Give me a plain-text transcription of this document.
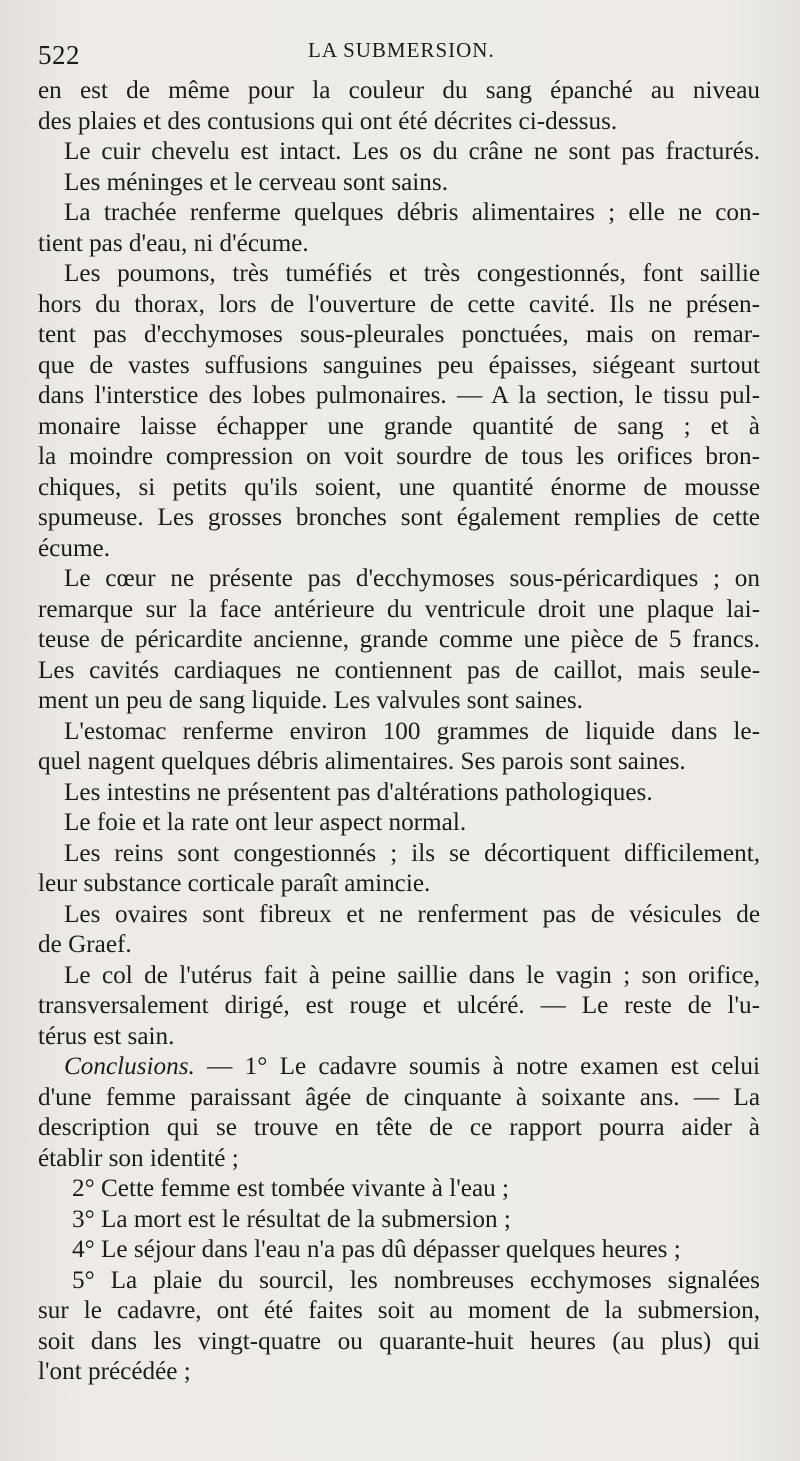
522	LA SUBMERSION.
en est de même pour la couleur du sang épanché au niveau
des plaies et des contusions qui ont été décrites ci-dessus.
Le cuir chevelu est intact. Les os du crâne ne sont pas fracturés.
Les méninges et le cerveau sont sains.
La trachée renferme quelques débris alimentaires ; elle ne con-
tient pas d'eau, ni d'écume.
Les poumons, très tuméfiés et très congestionnés, font saillie
hors du thorax, lors de l'ouverture de cette cavité. Ils ne présen-
tent pas d'ecchymoses sous-pleurales ponctuées, mais on remar-
que de vastes suffusions sanguines peu épaisses, siégeant surtout
dans l'interstice des lobes pulmonaires. — A la section, le tissu pul-
monaire laisse échapper une grande quantité de sang ; et à
la moindre compression on voit sourdre de tous les orifices bron-
chiques, si petits qu'ils soient, une quantité énorme de mousse
spumeuse. Les grosses bronches sont également remplies de cette
écume.
Le cœur ne présente pas d'ecchymoses sous-péricardiques ; on
remarque sur la face antérieure du ventricule droit une plaque lai-
teuse de péricardite ancienne, grande comme une pièce de 5 francs.
Les cavités cardiaques ne contiennent pas de caillot, mais seule-
ment un peu de sang liquide. Les valvules sont saines.
L'estomac renferme environ 100 grammes de liquide dans le-
quel nagent quelques débris alimentaires. Ses parois sont saines.
Les intestins ne présentent pas d'altérations pathologiques.
Le foie et la rate ont leur aspect normal.
Les reins sont congestionnés ; ils se décortiquent difficilement,
leur substance corticale paraît amincie.
Les ovaires sont fibreux et ne renferment pas de vésicules de
de Graef.
Le col de l'utérus fait à peine saillie dans le vagin ; son orifice,
transversalement dirigé, est rouge et ulcéré. — Le reste de l'u-
térus est sain.
Conclusions. — 1° Le cadavre soumis à notre examen est celui
d'une femme paraissant âgée de cinquante à soixante ans. — La
description qui se trouve en tête de ce rapport pourra aider à
établir son identité ;
2° Cette femme est tombée vivante à l'eau ;
3° La mort est le résultat de la submersion ;
4° Le séjour dans l'eau n'a pas dû dépasser quelques heures ;
5° La plaie du sourcil, les nombreuses ecchymoses signalées
sur le cadavre, ont été faites soit au moment de la submersion,
soit dans les vingt-quatre ou quarante-huit heures (au plus) qui
l'ont précédée ;
